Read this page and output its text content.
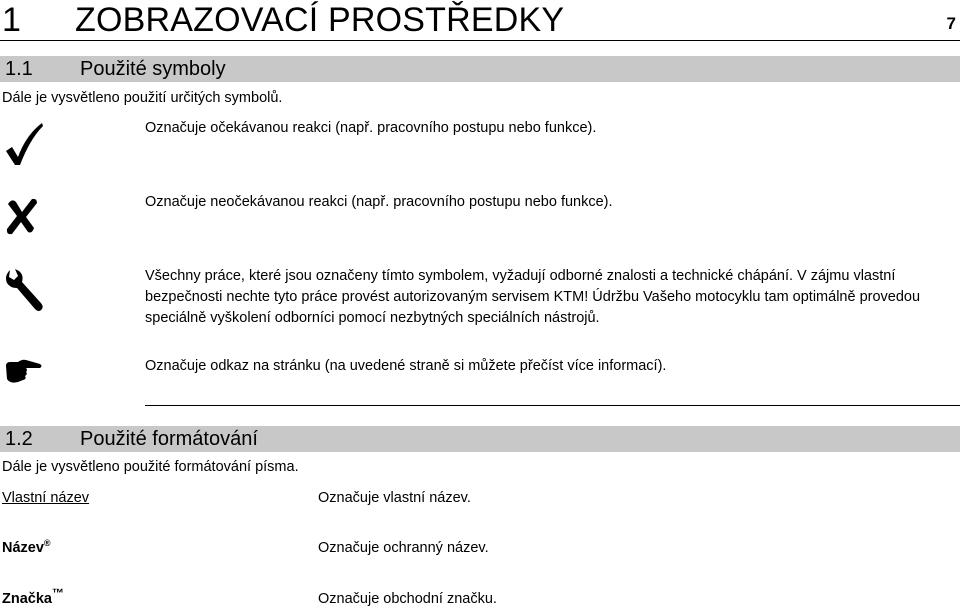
1 ZOBRAZOVACÍ PROSTŘEDKY	7
1.1 Použité symboly
Dále je vysvětleno použití určitých symbolů.
Označuje očekávanou reakci (např. pracovního postupu nebo funkce).
Označuje neočekávanou reakci (např. pracovního postupu nebo funkce).
Všechny práce, které jsou označeny tímto symbolem, vyžadují odborné znalosti a technické chápání. V zájmu vlastní bezpečnosti nechte tyto práce provést autorizovaným servisem KTM! Údržbu Vašeho motocyklu tam optimálně provedou speciálně vyškolení odborníci pomocí nezbytných speciálních nástrojů.
Označuje odkaz na stránku (na uvedené straně si můžete přečíst více informací).
1.2 Použité formátování
Dále je vysvětleno použité formátování písma.
Vlastní název	Označuje vlastní název.
Název®	Označuje ochranný název.
Značka™	Označuje obchodní značku.
